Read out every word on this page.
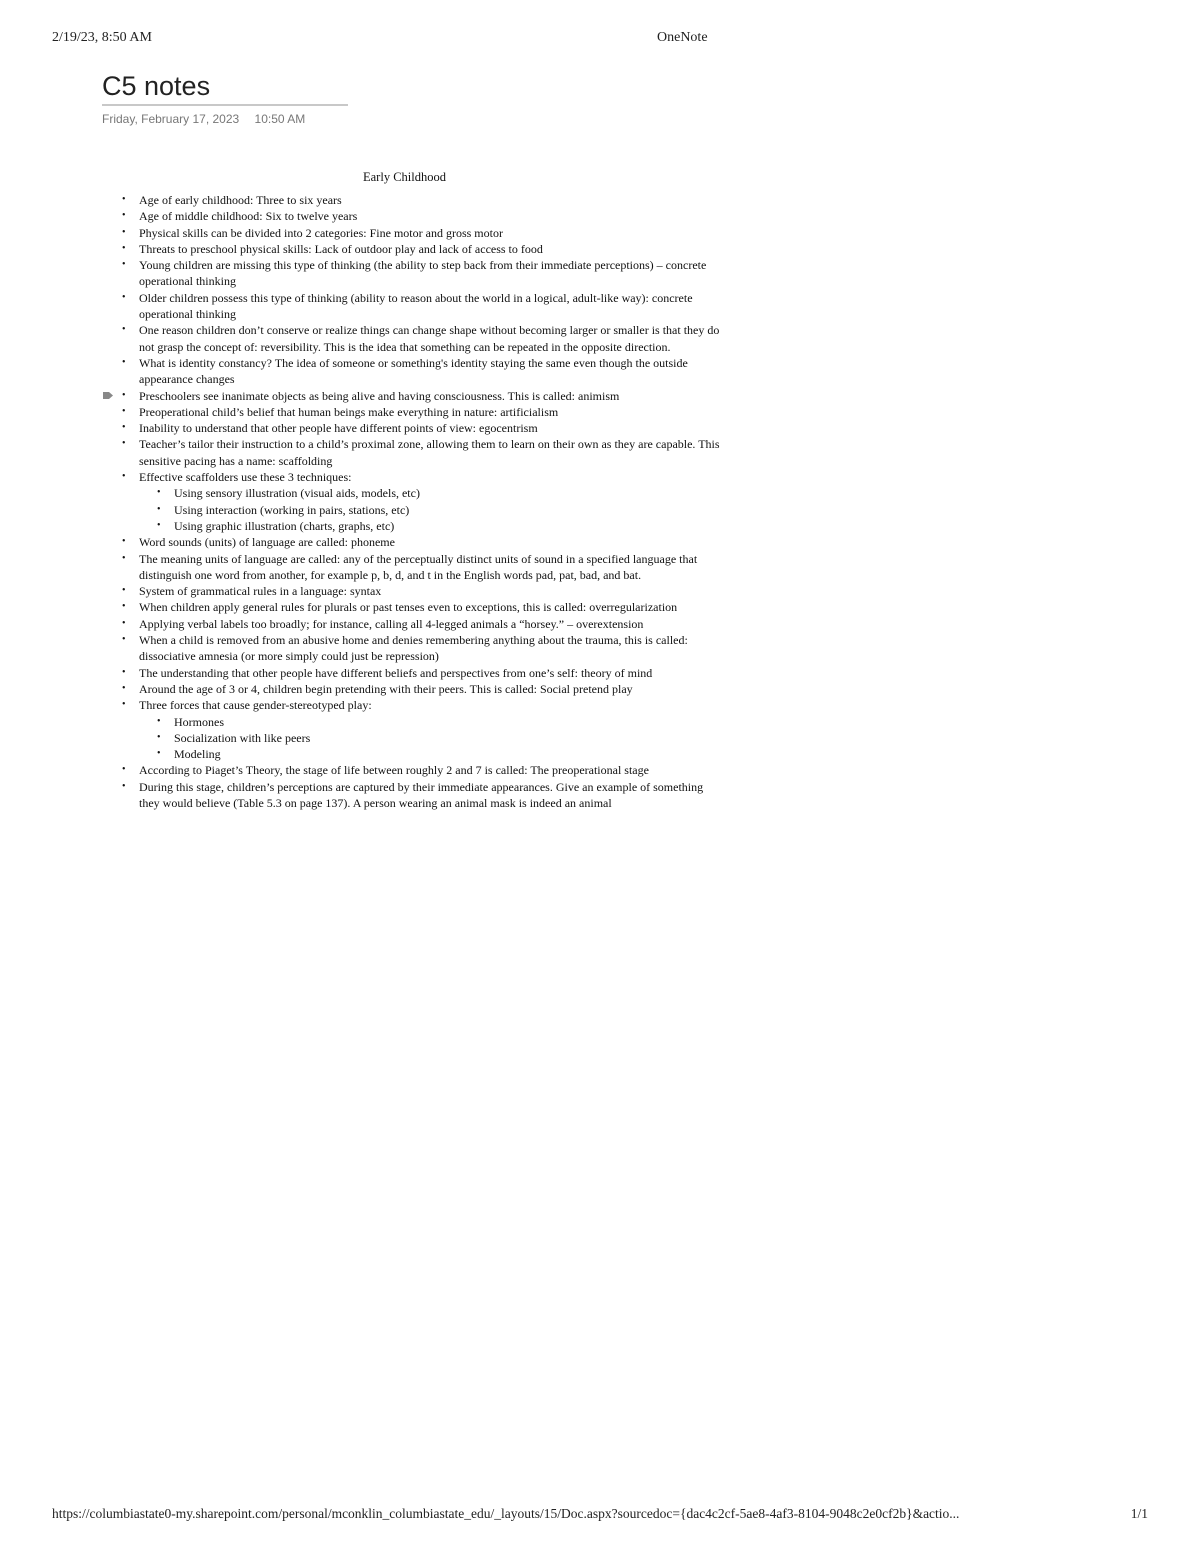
2/19/23, 8:50 AM	OneNote
C5 notes
Friday, February 17, 2023 10:50 AM
Early Childhood
• Age of early childhood: Three to six years
• Age of middle childhood: Six to twelve years
• Physical skills can be divided into 2 categories: Fine motor and gross motor
• Threats to preschool physical skills: Lack of outdoor play and lack of access to food
• Young children are missing this type of thinking (the ability to step back from their immediate perceptions) – concrete operational thinking
• Older children possess this type of thinking (ability to reason about the world in a logical, adult-like way): concrete operational thinking
• One reason children don’t conserve or realize things can change shape without becoming larger or smaller is that they do not grasp the concept of: reversibility. This is the idea that something can be repeated in the opposite direction.
• What is identity constancy? The idea of someone or something's identity staying the same even though the outside appearance changes
• Preschoolers see inanimate objects as being alive and having consciousness. This is called: animism
• Preoperational child’s belief that human beings make everything in nature: artificialism
• Inability to understand that other people have different points of view: egocentrism
• Teacher’s tailor their instruction to a child’s proximal zone, allowing them to learn on their own as they are capable. This sensitive pacing has a name: scaffolding
• Effective scaffolders use these 3 techniques:
• Using sensory illustration (visual aids, models, etc)
• Using interaction (working in pairs, stations, etc)
• Using graphic illustration (charts, graphs, etc)
• Word sounds (units) of language are called: phoneme
• The meaning units of language are called: any of the perceptually distinct units of sound in a specified language that distinguish one word from another, for example p, b, d, and t in the English words pad, pat, bad, and bat.
• System of grammatical rules in a language: syntax
• When children apply general rules for plurals or past tenses even to exceptions, this is called: overregularization
• Applying verbal labels too broadly; for instance, calling all 4-legged animals a “horsey.” – overextension
• When a child is removed from an abusive home and denies remembering anything about the trauma, this is called: dissociative amnesia (or more simply could just be repression)
• The understanding that other people have different beliefs and perspectives from one’s self: theory of mind
• Around the age of 3 or 4, children begin pretending with their peers. This is called: Social pretend play
• Three forces that cause gender-stereotyped play:
• Hormones
• Socialization with like peers
• Modeling
• According to Piaget’s Theory, the stage of life between roughly 2 and 7 is called: The preoperational stage
• During this stage, children’s perceptions are captured by their immediate appearances. Give an example of something they would believe (Table 5.3 on page 137). A person wearing an animal mask is indeed an animal
https://columbiastate0-my.sharepoint.com/personal/mconklin_columbiastate_edu/_layouts/15/Doc.aspx?sourcedoc={dac4c2cf-5ae8-4af3-8104-9048c2e0cf2b}&actio...	1/1
